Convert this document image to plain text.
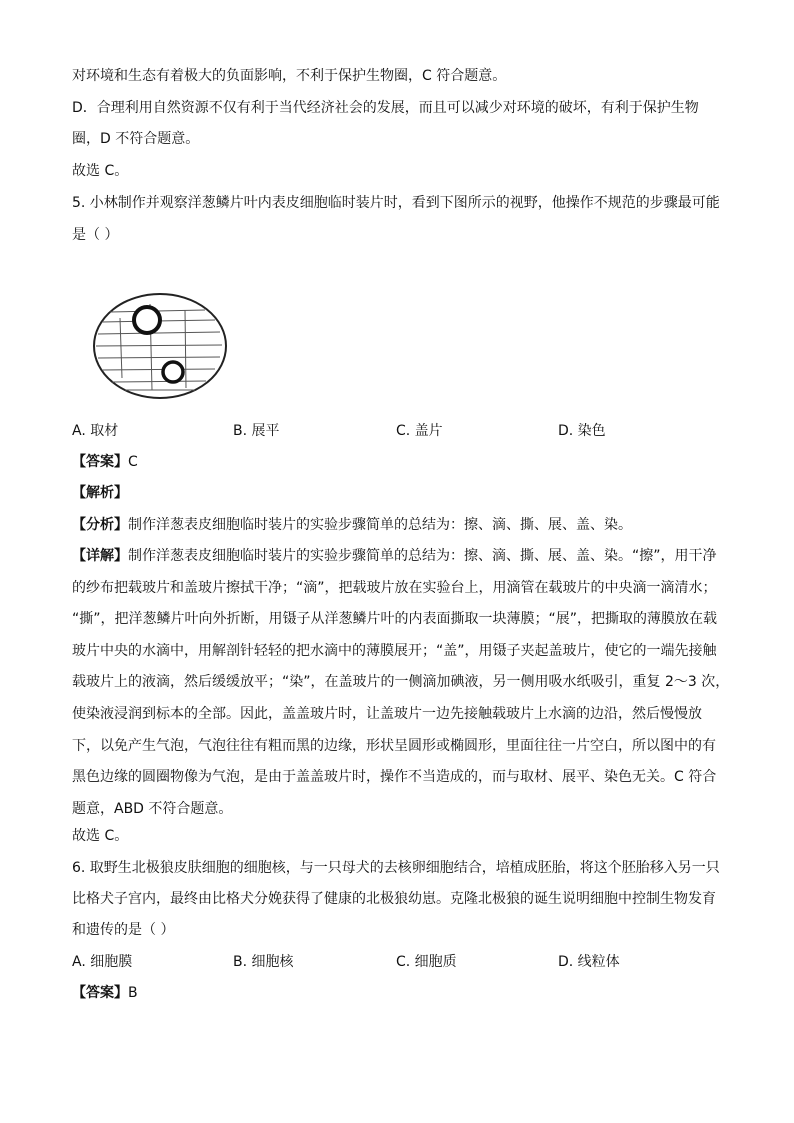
对环境和生态有着极大的负面影响，不利于保护生物圈，C 符合题意。
D．合理利用自然资源不仅有利于当代经济社会的发展，而且可以减少对环境的破坏，有利于保护生物
圈，D 不符合题意。
故选 C。
5. 小林制作并观察洋葱鳞片叶内表皮细胞临时装片时，看到下图所示的视野，他操作不规范的步骤最可能
是（ ）
A. 取材	B. 展平	C. 盖片	D. 染色
【答案】C
【解析】
【分析】制作洋葱表皮细胞临时装片的实验步骤简单的总结为：擦、滴、撕、展、盖、染。
【详解】制作洋葱表皮细胞临时装片的实验步骤简单的总结为：擦、滴、撕、展、盖、染。“擦”，用干净
的纱布把载玻片和盖玻片擦拭干净；“滴”，把载玻片放在实验台上，用滴管在载玻片的中央滴一滴清水；
“撕”，把洋葱鳞片叶向外折断，用镊子从洋葱鳞片叶的内表面撕取一块薄膜；“展”，把撕取的薄膜放在载
玻片中央的水滴中，用解剖针轻轻的把水滴中的薄膜展开；“盖”，用镊子夹起盖玻片，使它的一端先接触
载玻片上的液滴，然后缓缓放平；“染”，在盖玻片的一侧滴加碘液，另一侧用吸水纸吸引，重复 2～3 次，
使染液浸润到标本的全部。因此，盖盖玻片时，让盖玻片一边先接触载玻片上水滴的边沿，然后慢慢放
下，以免产生气泡，气泡往往有粗而黑的边缘，形状呈圆形或椭圆形，里面往往一片空白，所以图中的有
黑色边缘的圆圈物像为气泡，是由于盖盖玻片时，操作不当造成的，而与取材、展平、染色无关。C 符合
题意，ABD 不符合题意。
故选 C。
6. 取野生北极狼皮肤细胞的细胞核，与一只母犬的去核卵细胞结合，培植成胚胎，将这个胚胎移入另一只
比格犬子宫内，最终由比格犬分娩获得了健康的北极狼幼崽。克隆北极狼的诞生说明细胞中控制生物发育
和遗传的是（ ）
A. 细胞膜	B. 细胞核	C. 细胞质	D. 线粒体
【答案】B
